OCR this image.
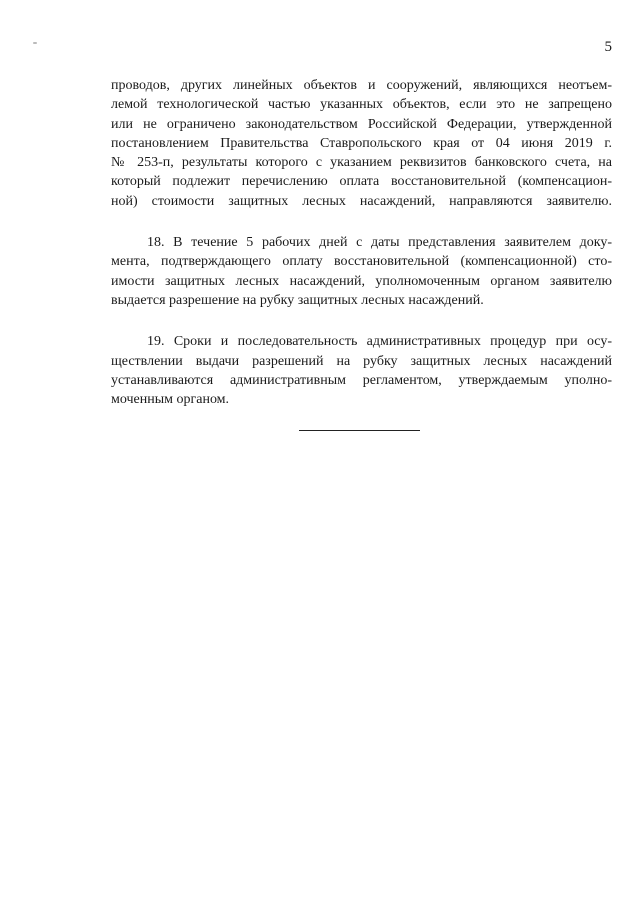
5

проводов, других линейных объектов и сооружений, являющихся неотъем-
лемой технологической частью указанных объектов, если это не запрещено
или не ограничено законодательством Российской Федерации, утвержденной
постановлением Правительства Ставропольского края от 04 июня 2019 г.
№ 253-п, результаты которого с указанием реквизитов банковского счета, на
который подлежит перечислению оплата восстановительной (компенсацион-
ной) стоимости защитных лесных насаждений, направляются заявителю.

18. В течение 5 рабочих дней с даты представления заявителем доку-
мента, подтверждающего оплату восстановительной (компенсационной) сто-
имости защитных лесных насаждений, уполномоченным органом заявителю
выдается разрешение на рубку защитных лесных насаждений.

19. Сроки и последовательность административных процедур при осу-
ществлении выдачи разрешений на рубку защитных лесных насаждений
устанавливаются административным регламентом, утверждаемым уполно-
моченным органом.
